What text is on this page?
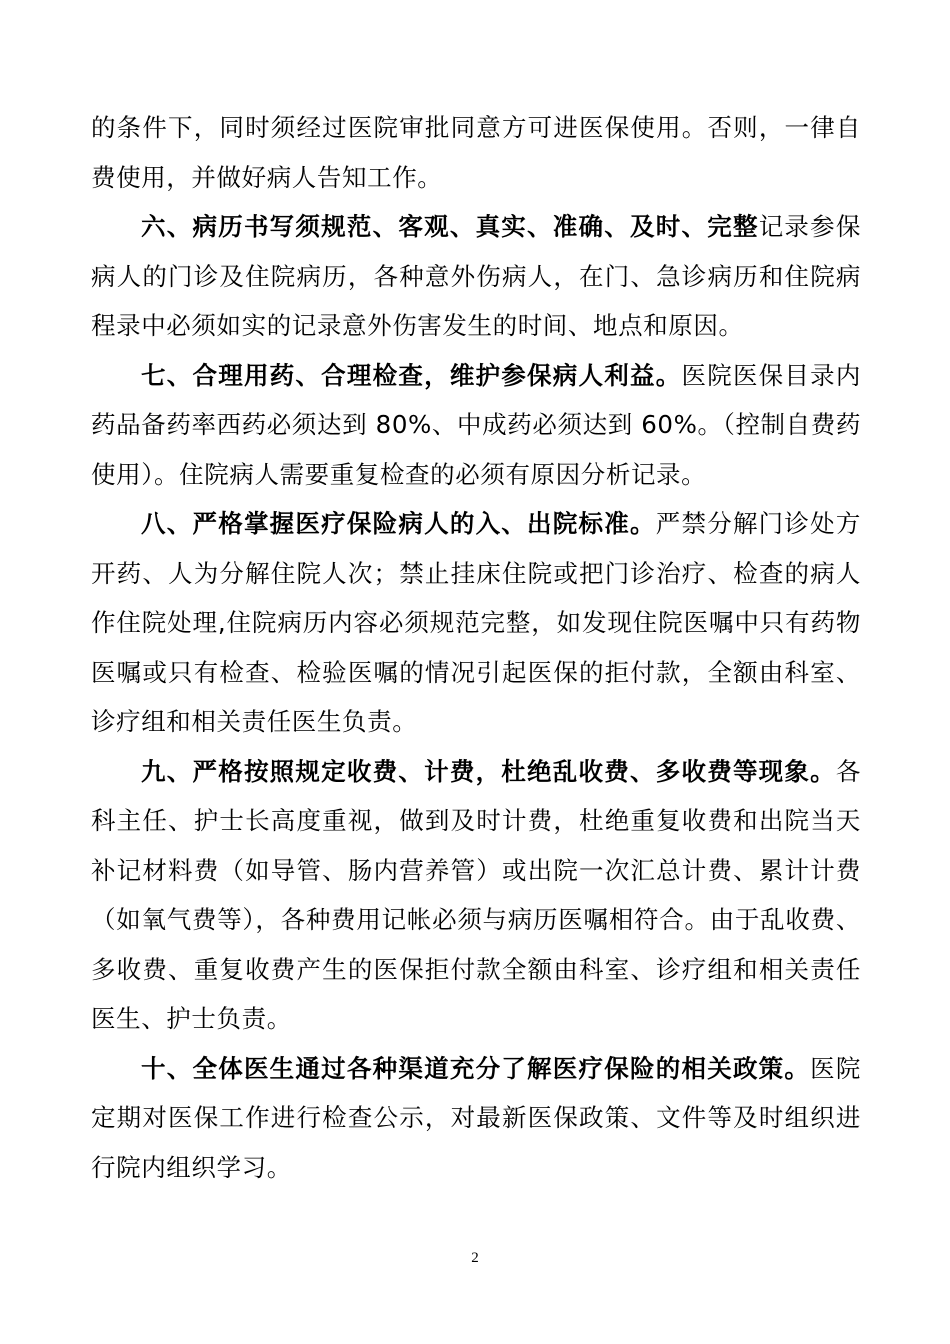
的条件下，同时须经过医院审批同意方可进医保使用。否则，一律自费使用，并做好病人告知工作。

六、病历书写须规范、客观、真实、准确、及时、完整记录参保病人的门诊及住院病历，各种意外伤病人，在门、急诊病历和住院病程录中必须如实的记录意外伤害发生的时间、地点和原因。

七、合理用药、合理检查，维护参保病人利益。医院医保目录内药品备药率西药必须达到 80%、中成药必须达到 60%。（控制自费药使用）。住院病人需要重复检查的必须有原因分析记录。

八、严格掌握医疗保险病人的入、出院标准。严禁分解门诊处方开药、人为分解住院人次；禁止挂床住院或把门诊治疗、检查的病人作住院处理,住院病历内容必须规范完整，如发现住院医嘱中只有药物医嘱或只有检查、检验医嘱的情况引起医保的拒付款，全额由科室、诊疗组和相关责任医生负责。

九、严格按照规定收费、计费，杜绝乱收费、多收费等现象。各科主任、护士长高度重视，做到及时计费，杜绝重复收费和出院当天补记材料费（如导管、肠内营养管）或出院一次汇总计费、累计计费（如氧气费等），各种费用记帐必须与病历医嘱相符合。由于乱收费、多收费、重复收费产生的医保拒付款全额由科室、诊疗组和相关责任医生、护士负责。

十、全体医生通过各种渠道充分了解医疗保险的相关政策。医院定期对医保工作进行检查公示，对最新医保政策、文件等及时组织进行院内组织学习。

2
